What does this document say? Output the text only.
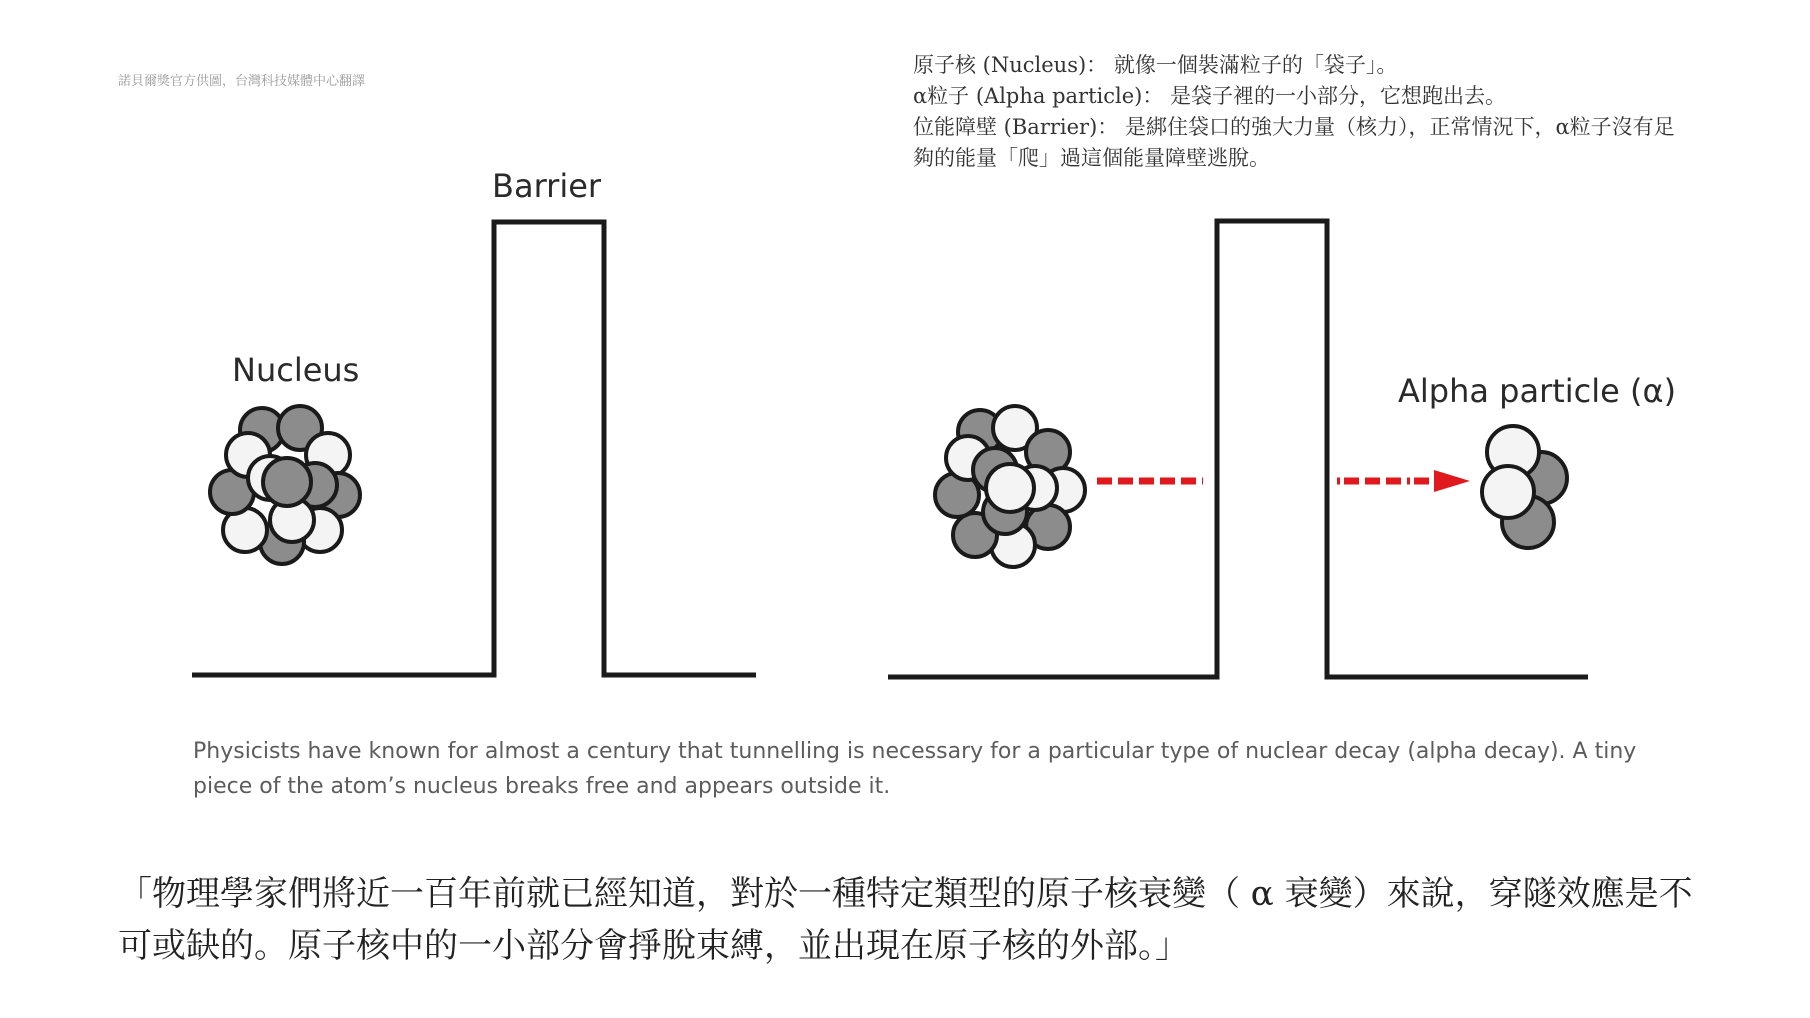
諾貝爾獎官方供圖，台灣科技媒體中心翻譯

原子核 (Nucleus)： 就像一個裝滿粒子的「袋子」。

α粒子 (Alpha particle)： 是袋子裡的一小部分，它想跑出去。

位能障壁 (Barrier)： 是綁住袋口的強大力量（核力），正常情況下，α粒子沒有足夠的能量「爬」過這個能量障壁逃脫。

Barrier
Nucleus
Alpha particle (α)
Physicists have known for almost a century that tunnelling is necessary for a particular type of nuclear decay (alpha decay). A tiny piece of the atom’s nucleus breaks free and appears outside it.
「物理學家們將近一百年前就已經知道，對於一種特定類型的原子核衰變（ α 衰變）來說，穿隧效應是不可或缺的。原子核中的一小部分會掙脫束縛，並出現在原子核的外部。」
